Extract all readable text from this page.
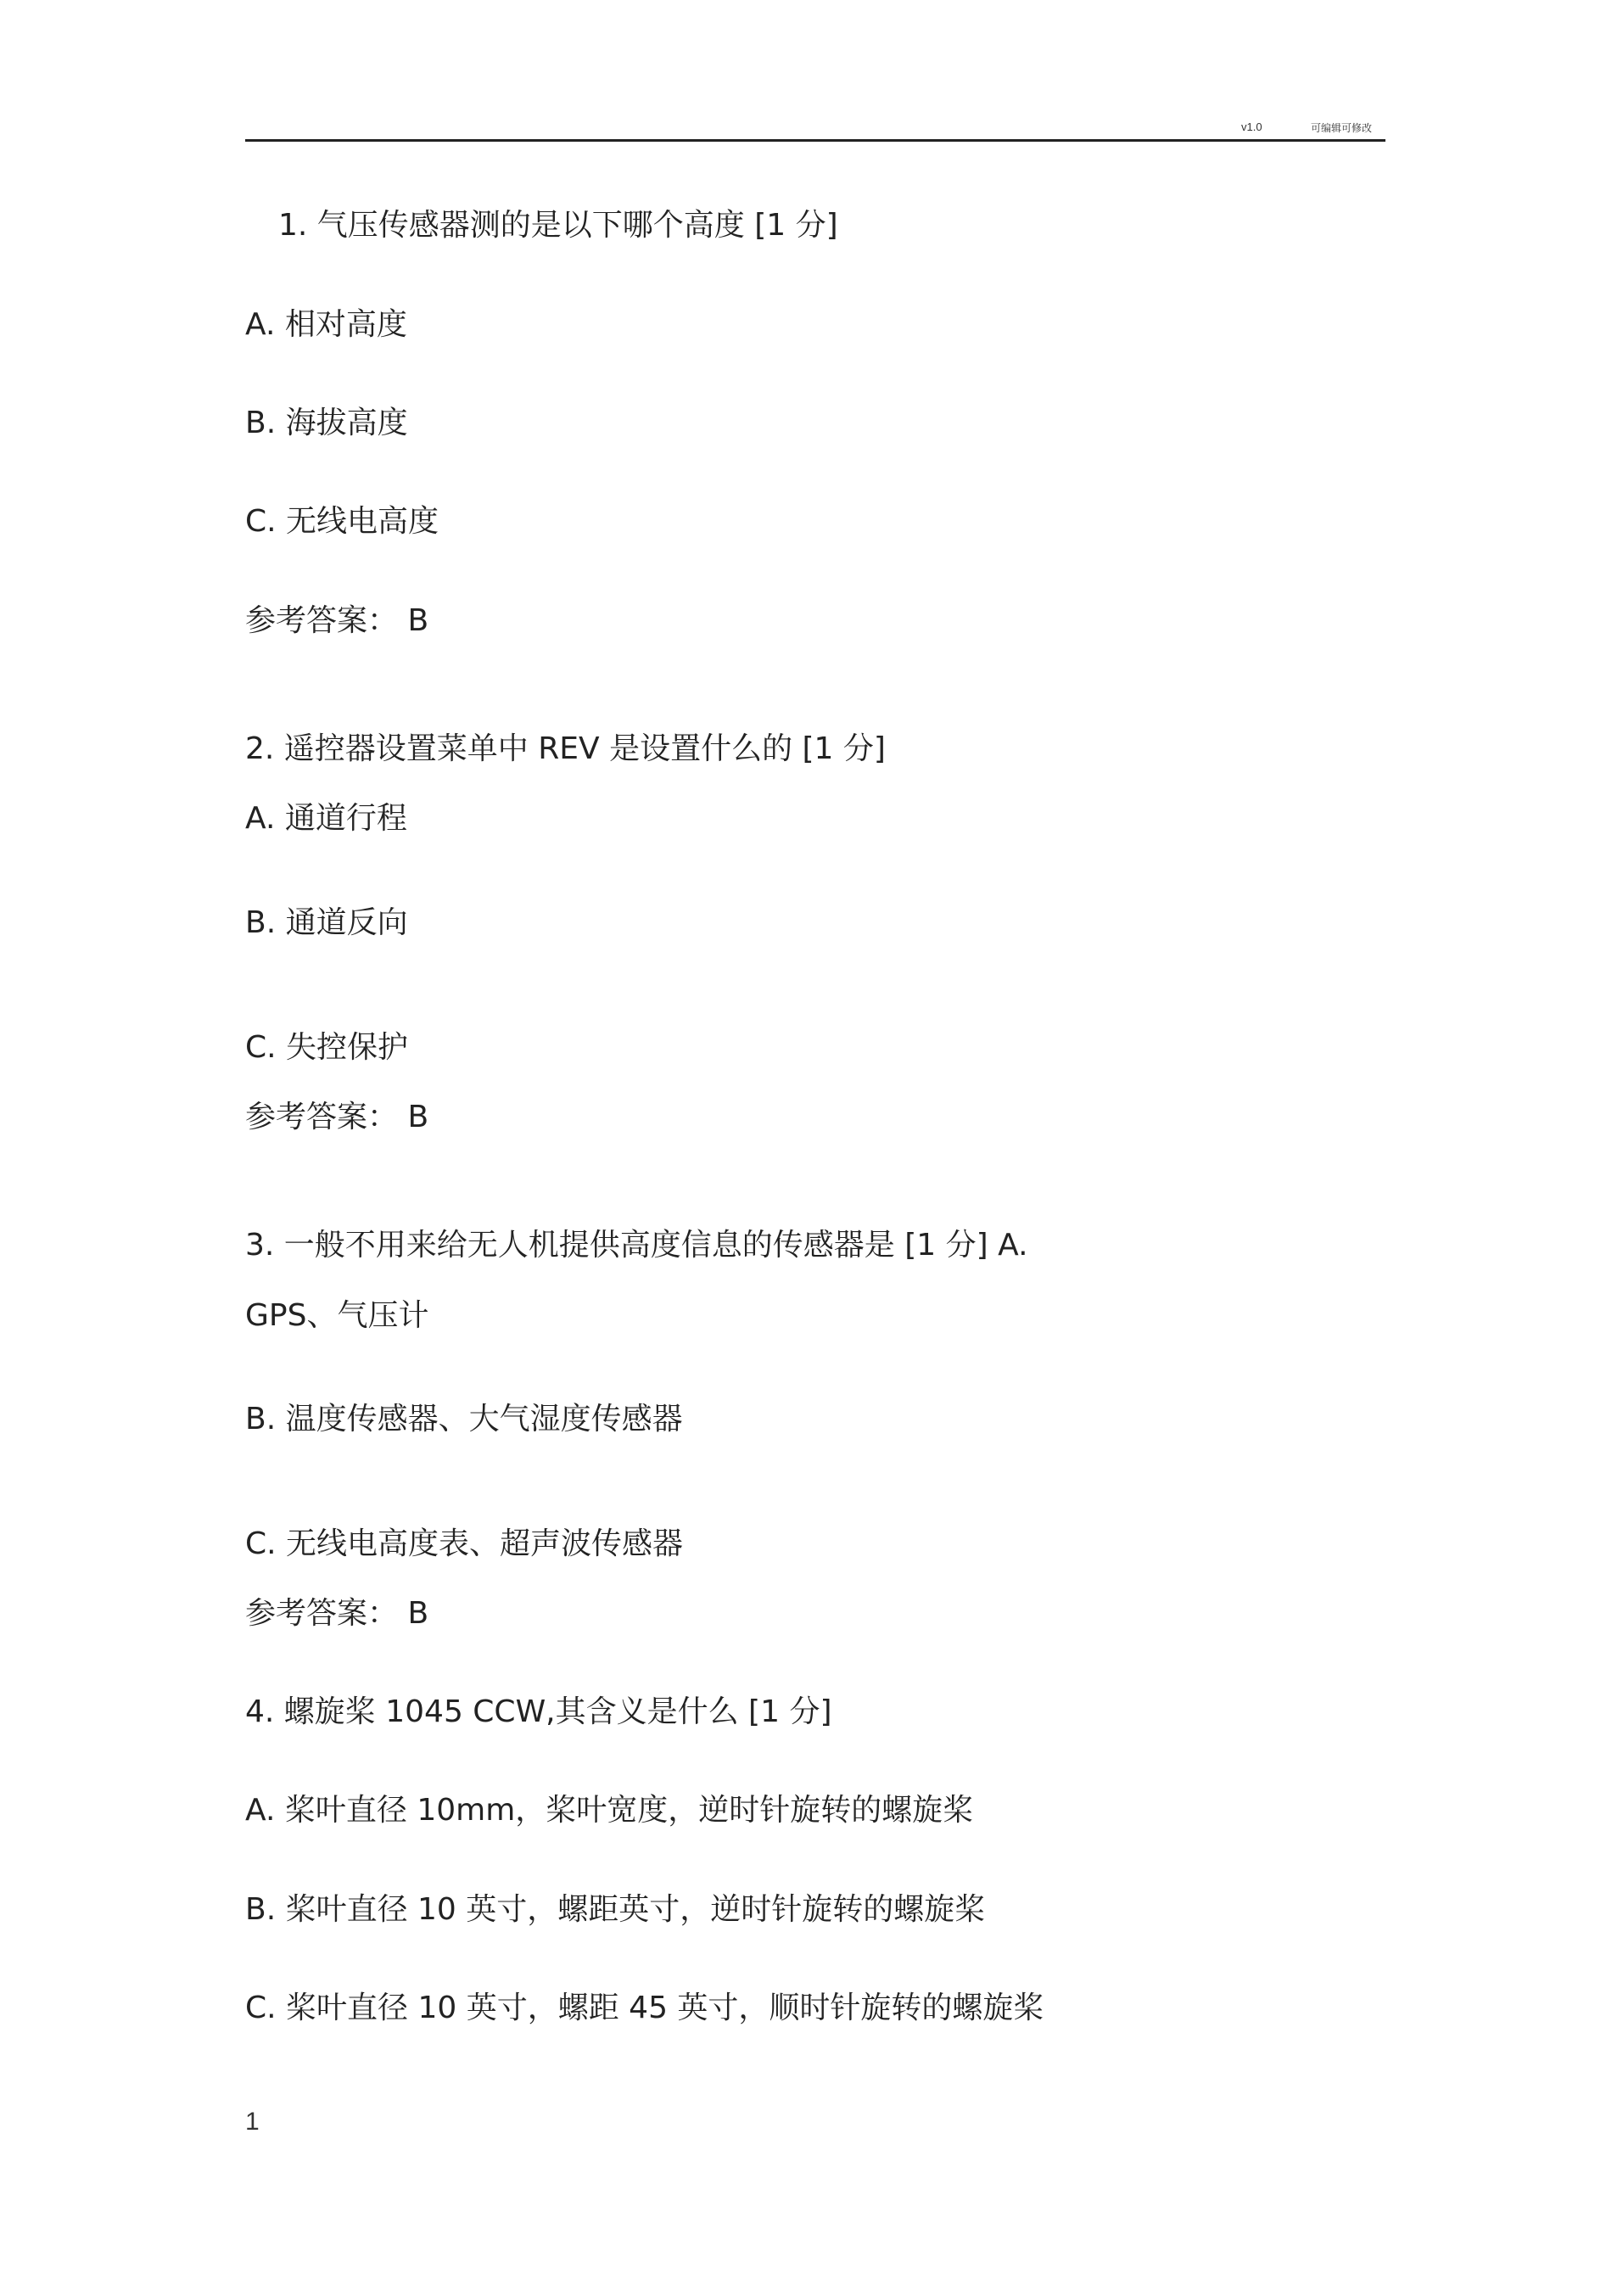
v1.0	可编辑可修改
1. 气压传感器测的是以下哪个高度 [1 分]
A. 相对高度
B. 海拔高度
C. 无线电高度
参考答案： B
2. 遥控器设置菜单中 REV 是设置什么的 [1 分]
A. 通道行程
B. 通道反向
C. 失控保护
参考答案： B
3. 一般不用来给无人机提供高度信息的传感器是 [1 分] A.
GPS、气压计
B. 温度传感器、大气湿度传感器
C. 无线电高度表、超声波传感器
参考答案： B
4. 螺旋桨 1045 CCW,其含义是什么 [1 分]
A. 桨叶直径 10mm，桨叶宽度，逆时针旋转的螺旋桨
B. 桨叶直径 10 英寸，螺距英寸，逆时针旋转的螺旋桨
C. 桨叶直径 10 英寸，螺距 45 英寸，顺时针旋转的螺旋桨
1
